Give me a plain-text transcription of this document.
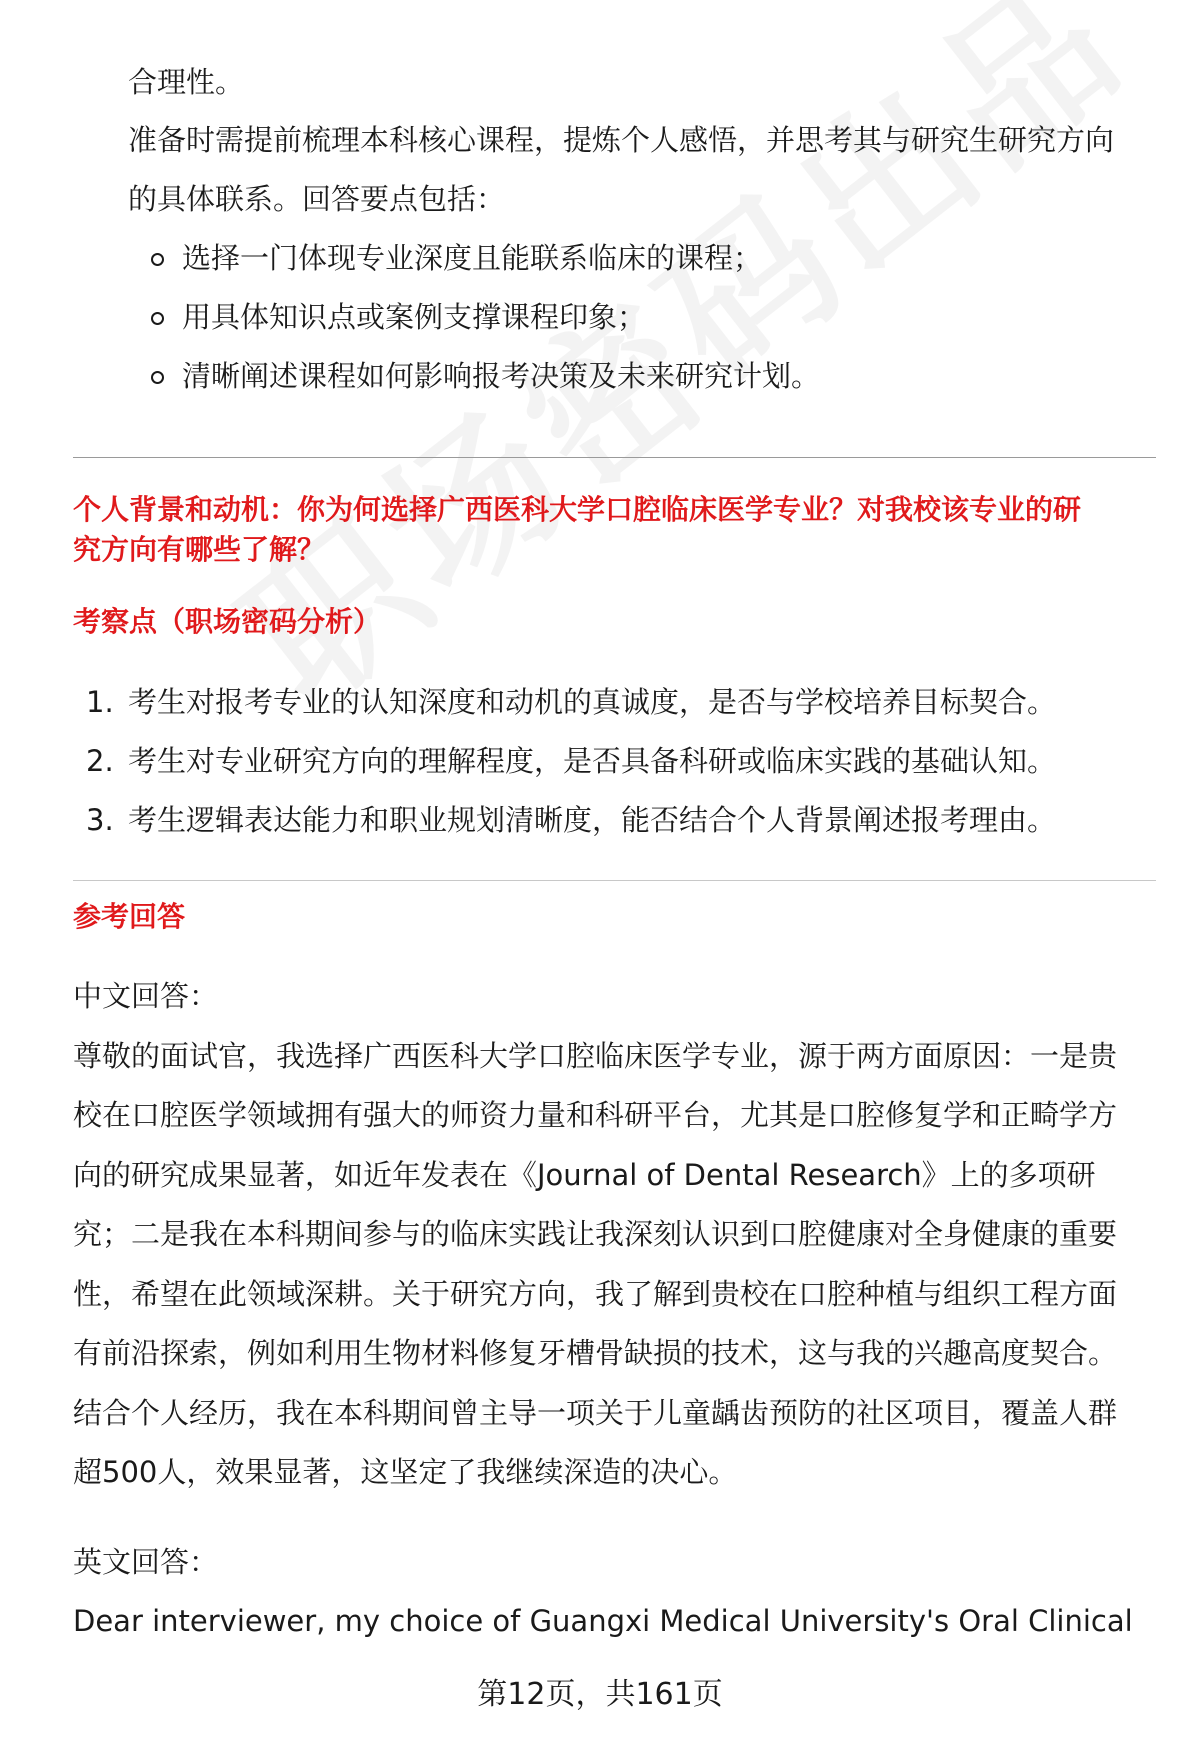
合理性。
准备时需提前梳理本科核心课程，提炼个人感悟，并思考其与研究生研究方向
的具体联系。回答要点包括：
选择一门体现专业深度且能联系临床的课程；
用具体知识点或案例支撑课程印象；
清晰阐述课程如何影响报考决策及未来研究计划。
个人背景和动机：你为何选择广西医科大学口腔临床医学专业？对我校该专业的研
究方向有哪些了解？
考察点（职场密码分析）
1. 考生对报考专业的认知深度和动机的真诚度，是否与学校培养目标契合。
2. 考生对专业研究方向的理解程度，是否具备科研或临床实践的基础认知。
3. 考生逻辑表达能力和职业规划清晰度，能否结合个人背景阐述报考理由。
参考回答
中文回答：
尊敬的面试官，我选择广西医科大学口腔临床医学专业，源于两方面原因：一是贵
校在口腔医学领域拥有强大的师资力量和科研平台，尤其是口腔修复学和正畸学方
向的研究成果显著，如近年发表在《Journal of Dental Research》上的多项研
究；二是我在本科期间参与的临床实践让我深刻认识到口腔健康对全身健康的重要
性，希望在此领域深耕。关于研究方向，我了解到贵校在口腔种植与组织工程方面
有前沿探索，例如利用生物材料修复牙槽骨缺损的技术，这与我的兴趣高度契合。
结合个人经历，我在本科期间曾主导一项关于儿童龋齿预防的社区项目，覆盖人群
超500人，效果显著，这坚定了我继续深造的决心。
英文回答：
Dear interviewer, my choice of Guangxi Medical University's Oral Clinical
第12页，共161页
